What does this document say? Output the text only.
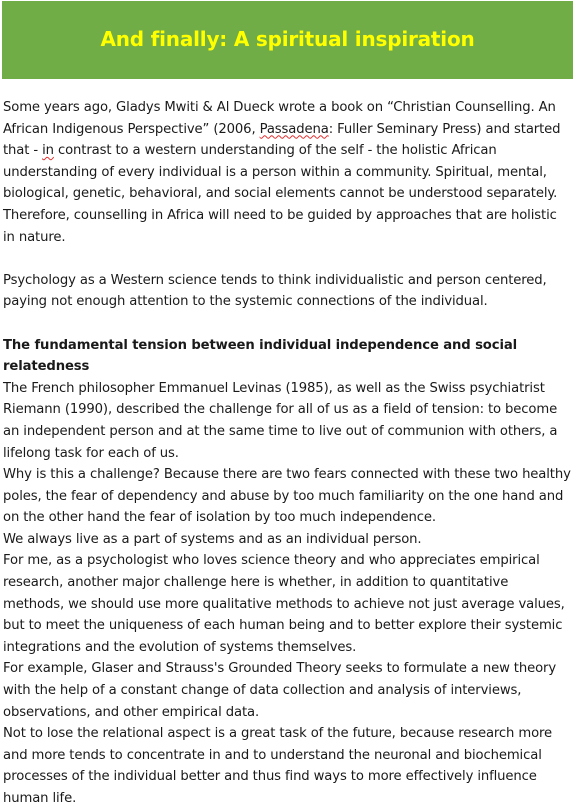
And finally: A spiritual inspiration

Some years ago, Gladys Mwiti & Al Dueck wrote a book on “Christian Counselling. An African Indigenous Perspective” (2006, Passadena: Fuller Seminary Press) and started that - in contrast to a western understanding of the self - the holistic African understanding of every individual is a person within a community. Spiritual, mental, biological, genetic, behavioral, and social elements cannot be understood separately. Therefore, counselling in Africa will need to be guided by approaches that are holistic in nature.

Psychology as a Western science tends to think individualistic and person centered, paying not enough attention to the systemic connections of the individual.

The fundamental tension between individual independence and social relatedness

The French philosopher Emmanuel Levinas (1985), as well as the Swiss psychiatrist Riemann (1990), described the challenge for all of us as a field of tension: to become an independent person and at the same time to live out of communion with others, a lifelong task for each of us.

Why is this a challenge? Because there are two fears connected with these two healthy poles, the fear of dependency and abuse by too much familiarity on the one hand and on the other hand the fear of isolation by too much independence.

We always live as a part of systems and as an individual person.

For me, as a psychologist who loves science theory and who appreciates empirical research, another major challenge here is whether, in addition to quantitative methods, we should use more qualitative methods to achieve not just average values, but to meet the uniqueness of each human being and to better explore their systemic integrations and the evolution of systems themselves.

For example, Glaser and Strauss's Grounded Theory seeks to formulate a new theory with the help of a constant change of data collection and analysis of interviews, observations, and other empirical data.

Not to lose the relational aspect is a great task of the future, because research more and more tends to concentrate in and to understand the neuronal and biochemical processes of the individual better and thus find ways to more effectively influence human life.
